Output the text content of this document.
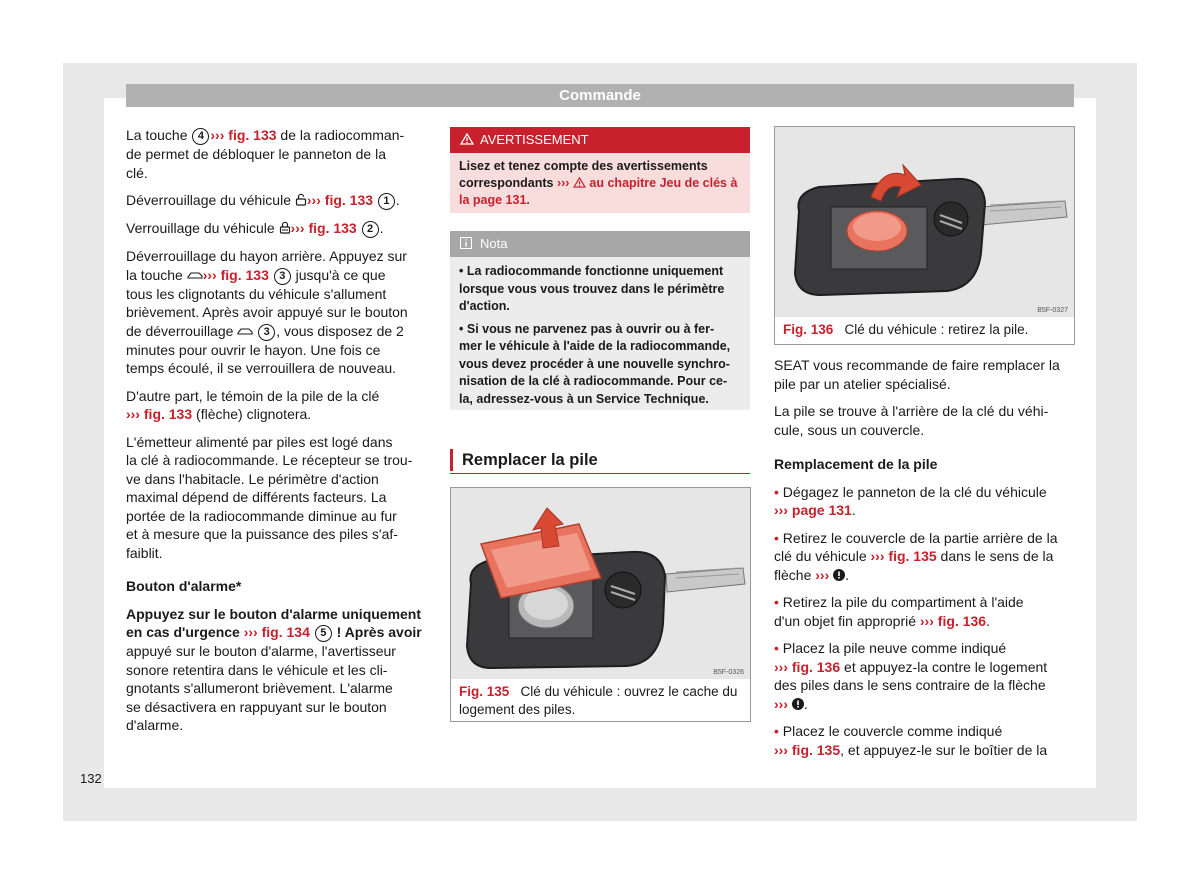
Commande

La touche 4 ››› fig. 133 de la radiocomman-
de permet de débloquer le panneton de la
clé.

Déverrouillage du véhicule ››› fig. 133 1 .

Verrouillage du véhicule ››› fig. 133 2 .

Déverrouillage du hayon arrière. Appuyez sur
la touche ››› fig. 133 3 jusqu'à ce que
tous les clignotants du véhicule s'allument
brièvement. Après avoir appuyé sur le bouton
de déverrouillage	3 , vous disposez de 2
minutes pour ouvrir le hayon. Une fois ce
temps écoulé, il se verrouillera de nouveau.

D'autre part, le témoin de la pile de la clé
››› fig. 133 (flèche) clignotera.

L'émetteur alimenté par piles est logé dans
la clé à radiocommande. Le récepteur se trou-
ve dans l'habitacle. Le périmètre d'action
maximal dépend de différents facteurs. La
portée de la radiocommande diminue au fur
et à mesure que la puissance des piles s'af-
faiblit.

Bouton d'alarme*

Appuyez sur le bouton d'alarme uniquement
en cas d'urgence ››› fig. 134 5 ! Après avoir
appuyé sur le bouton d'alarme, l'avertisseur
sonore retentira dans le véhicule et les cli-
gnotants s'allumeront brièvement. L'alarme
se désactivera en rappuyant sur le bouton
d'alarme.

AVERTISSEMENT
Lisez et tenez compte des avertissements
correspondants ››› au chapitre Jeu de clés à
la page 131.
Nota

• La radiocommande fonctionne uniquement
lorsque vous vous trouvez dans le périmètre
d'action.

• Si vous ne parvenez pas à ouvrir ou à fer-
mer le véhicule à l'aide de la radiocommande,
vous devez procéder à une nouvelle synchro-
nisation de la clé à radiocommande. Pour ce-
la, adressez-vous à un Service Technique.

Remplacer la pile
B5F-0326
Fig. 135 Clé du véhicule : ouvrez le cache du
logement des piles.
B5F-0327
Fig. 136 Clé du véhicule : retirez la pile.

SEAT vous recommande de faire remplacer la
pile par un atelier spécialisé.

La pile se trouve à l'arrière de la clé du véhi-
cule, sous un couvercle.

Remplacement de la pile

• Dégagez le panneton de la clé du véhicule
››› page 131.

• Retirez le couvercle de la partie arrière de la
clé du véhicule ››› fig. 135 dans le sens de la
flèche ››› .

• Retirez la pile du compartiment à l'aide
d'un objet fin approprié ››› fig. 136.

• Placez la pile neuve comme indiqué
››› fig. 136 et appuyez-la contre le logement
des piles dans le sens contraire de la flèche
››› .

• Placez le couvercle comme indiqué
››› fig. 135, et appuyez-le sur le boîtier de la

132
